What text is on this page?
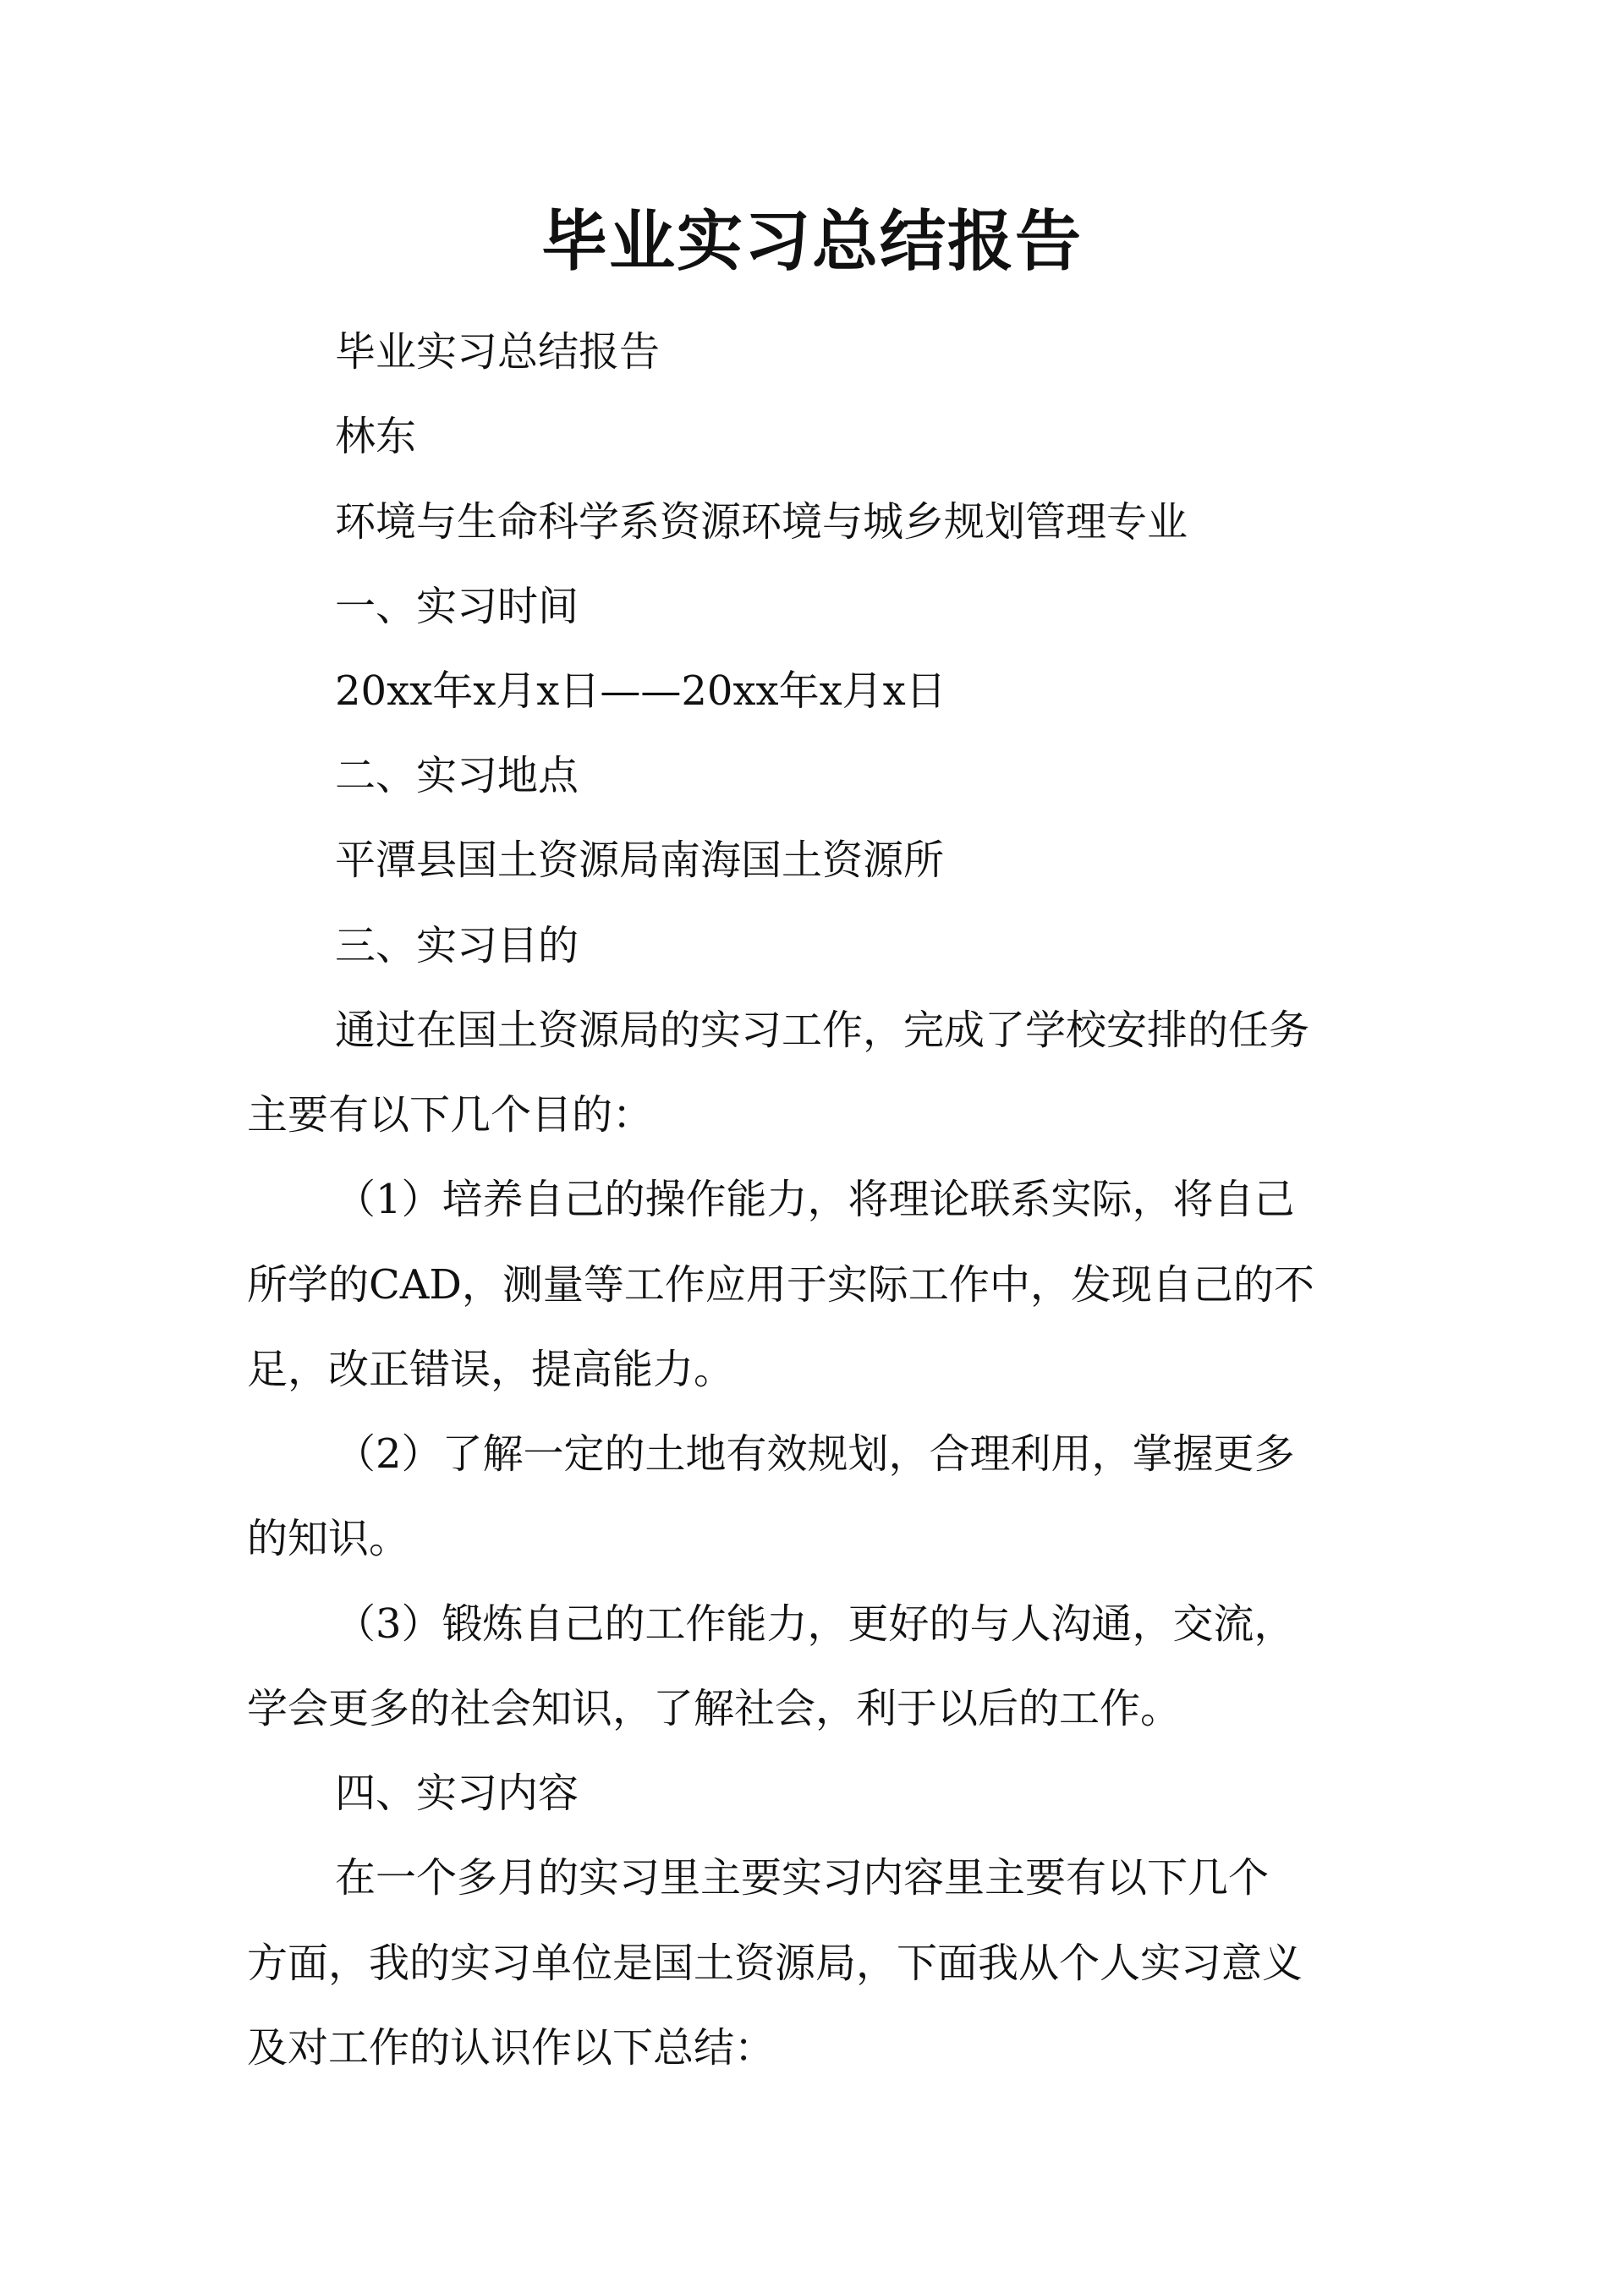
毕业实习总结报告
毕业实习总结报告
林东
环境与生命科学系资源环境与城乡规划管理专业
一、实习时间
20xx年x月x日——20xx年x月x日
二、实习地点
平潭县国土资源局南海国土资源所
三、实习目的
通过在国土资源局的实习工作，完成了学校安排的任务
主要有以下几个目的：
（1）培养自己的操作能力，将理论联系实际，将自己
所学的CAD，测量等工作应用于实际工作中，发现自己的不
足，改正错误，提高能力。
（2）了解一定的土地有效规划，合理利用，掌握更多
的知识。
（3）锻炼自己的工作能力，更好的与人沟通，交流，
学会更多的社会知识，了解社会，利于以后的工作。
四、实习内容
在一个多月的实习里主要实习内容里主要有以下几个
方面，我的实习单位是国土资源局，下面我从个人实习意义
及对工作的认识作以下总结：
